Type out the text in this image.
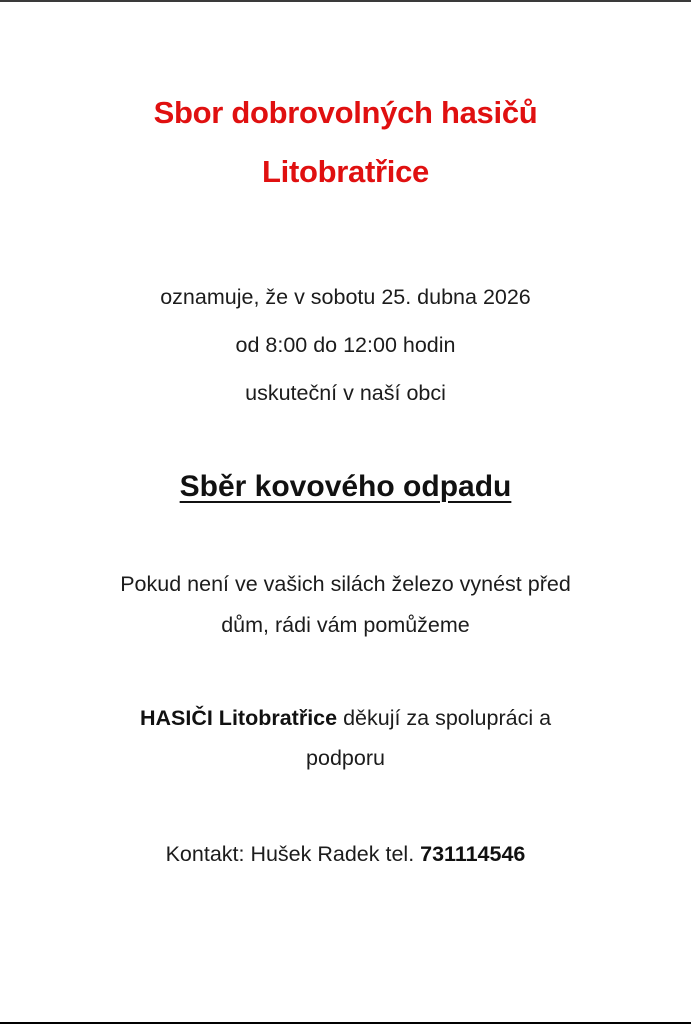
Sbor dobrovolných hasičů
Litobratřice
oznamuje, že v sobotu 25. dubna 2026
od 8:00 do 12:00 hodin
uskuteční v naší obci
Sběr kovového odpadu
Pokud není ve vašich silách železo vynést před
dům, rádi vám pomůžeme
HASIČI Litobratřice děkují za spolupráci a
podporu
Kontakt: Hušek Radek tel. 731114546
